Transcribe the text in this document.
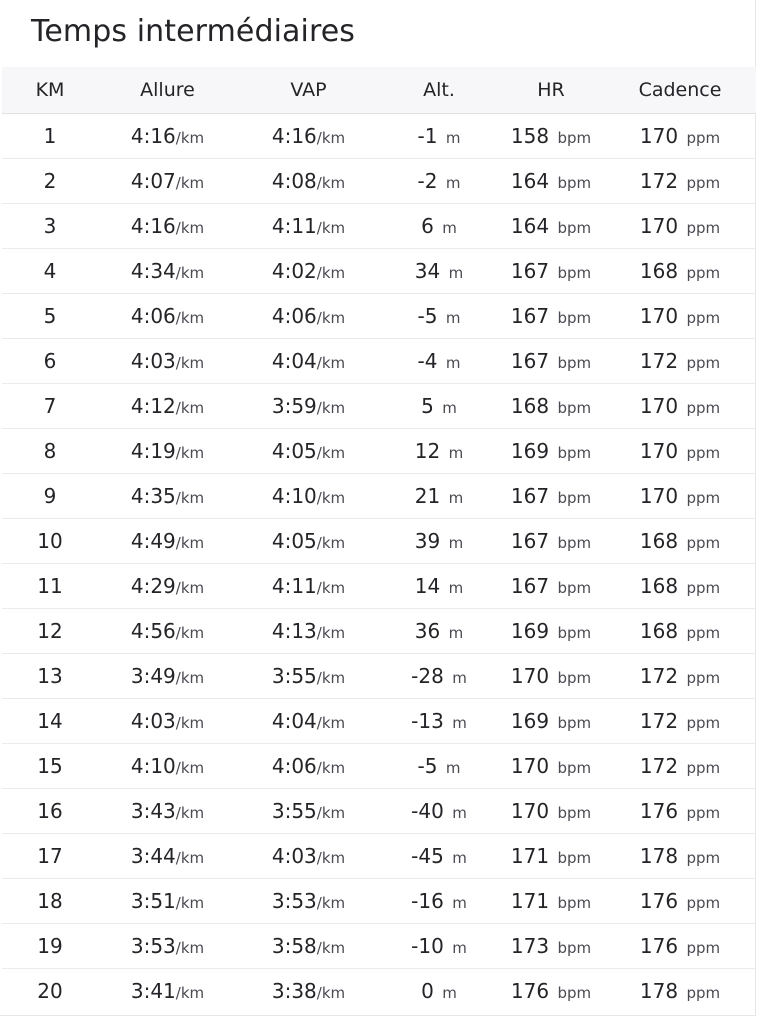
Temps intermédiaires
KM	Allure	VAP	Alt.	HR	Cadence
1	4:16/km	4:16/km	-1 m	158 bpm	170 ppm
2	4:07/km	4:08/km	-2 m	164 bpm	172 ppm
3	4:16/km	4:11/km	6 m	164 bpm	170 ppm
4	4:34/km	4:02/km	34 m	167 bpm	168 ppm
5	4:06/km	4:06/km	-5 m	167 bpm	170 ppm
6	4:03/km	4:04/km	-4 m	167 bpm	172 ppm
7	4:12/km	3:59/km	5 m	168 bpm	170 ppm
8	4:19/km	4:05/km	12 m	169 bpm	170 ppm
9	4:35/km	4:10/km	21 m	167 bpm	170 ppm
10	4:49/km	4:05/km	39 m	167 bpm	168 ppm
11	4:29/km	4:11/km	14 m	167 bpm	168 ppm
12	4:56/km	4:13/km	36 m	169 bpm	168 ppm
13	3:49/km	3:55/km	-28 m	170 bpm	172 ppm
14	4:03/km	4:04/km	-13 m	169 bpm	172 ppm
15	4:10/km	4:06/km	-5 m	170 bpm	172 ppm
16	3:43/km	3:55/km	-40 m	170 bpm	176 ppm
17	3:44/km	4:03/km	-45 m	171 bpm	178 ppm
18	3:51/km	3:53/km	-16 m	171 bpm	176 ppm
19	3:53/km	3:58/km	-10 m	173 bpm	176 ppm
20	3:41/km	3:38/km	0 m	176 bpm	178 ppm
